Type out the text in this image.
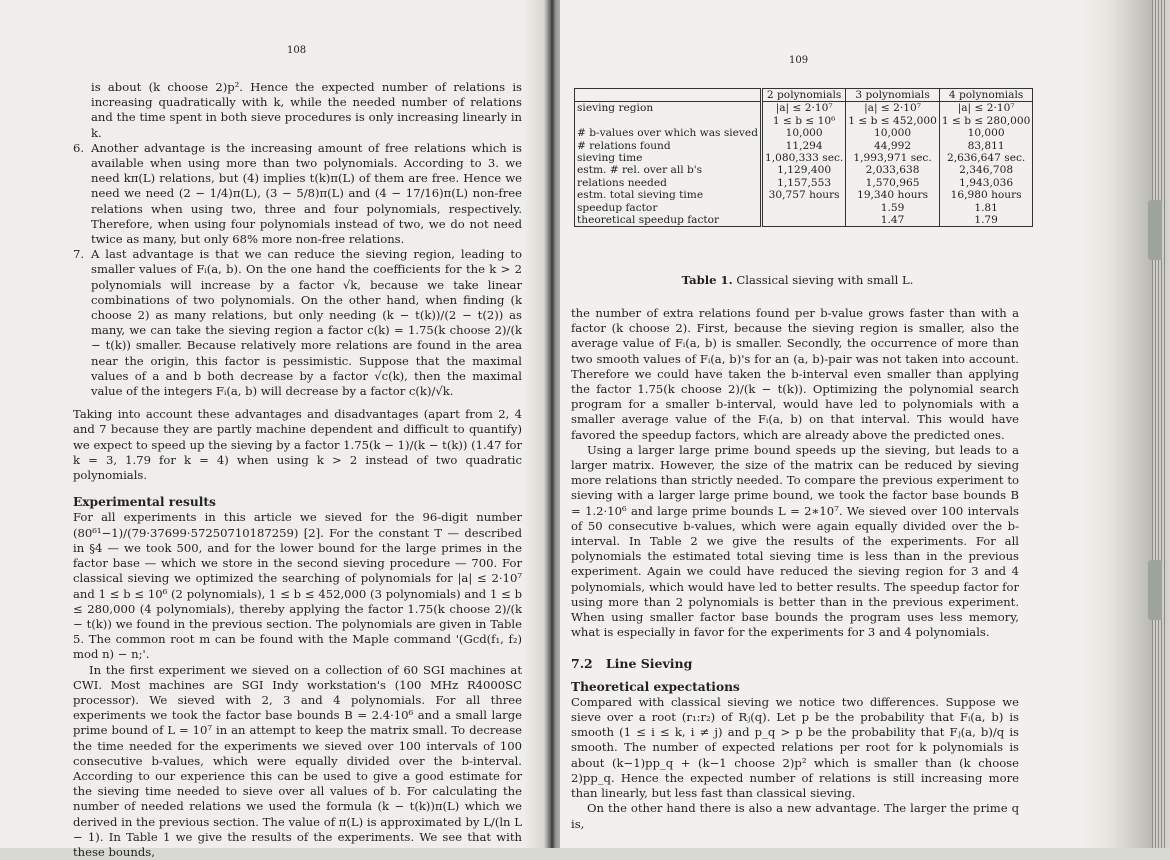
108
is about (k choose 2)p². Hence the expected number of relations is increasing quadratically with k, while the needed number of relations and the time spent in both sieve procedures is only increasing linearly in k.
6. Another advantage is the increasing amount of free relations which is available when using more than two polynomials. According to 3. we need kπ(L) relations, but (4) implies t(k)π(L) of them are free. Hence we need we need (2 − 1/4)π(L), (3 − 5/8)π(L) and (4 − 17/16)π(L) non-free relations when using two, three and four polynomials, respectively. Therefore, when using four polynomials instead of two, we do not need twice as many, but only 68% more non-free relations.
7. A last advantage is that we can reduce the sieving region, leading to smaller values of Fᵢ(a, b). On the one hand the coefficients for the k > 2 polynomials will increase by a factor √k, because we take linear combinations of two polynomials. On the other hand, when finding (k choose 2) as many relations, but only needing (k − t(k))/(2 − t(2)) as many, we can take the sieving region a factor c(k) = 1.75(k choose 2)/(k − t(k)) smaller. Because relatively more relations are found in the area near the origin, this factor is pessimistic. Suppose that the maximal values of a and b both decrease by a factor √c(k), then the maximal value of the integers Fᵢ(a, b) will decrease by a factor c(k)/√k.

Taking into account these advantages and disadvantages (apart from 2, 4 and 7 because they are partly machine dependent and difficult to quantify) we expect to speed up the sieving by a factor 1.75(k − 1)/(k − t(k)) (1.47 for k = 3, 1.79 for k = 4) when using k > 2 instead of two quadratic polynomials.

Experimental results

For all experiments in this article we sieved for the 96-digit number (80⁶¹−1)/(79·37699·57250710187259) [2]. For the constant T — described in §4 — we took 500, and for the lower bound for the large primes in the factor base — which we store in the second sieving procedure — 700. For classical sieving we optimized the searching of polynomials for |a| ≤ 2·10⁷ and 1 ≤ b ≤ 10⁶ (2 polynomials), 1 ≤ b ≤ 452,000 (3 polynomials) and 1 ≤ b ≤ 280,000 (4 polynomials), thereby applying the factor 1.75(k choose 2)/(k − t(k)) we found in the previous section. The polynomials are given in Table 5. The common root m can be found with the Maple command '(Gcd(f₁, f₂) mod n) − n;'.

In the first experiment we sieved on a collection of 60 SGI machines at CWI. Most machines are SGI Indy workstation's (100 MHz R4000SC processor). We sieved with 2, 3 and 4 polynomials. For all three experiments we took the factor base bounds B = 2.4·10⁶ and a small large prime bound of L = 10⁷ in an attempt to keep the matrix small. To decrease the time needed for the experiments we sieved over 100 intervals of 100 consecutive b-values, which were equally divided over the b-interval. According to our experience this can be used to give a good estimate for the sieving time needed to sieve over all values of b. For calculating the number of needed relations we used the formula (k − t(k))π(L) which we derived in the previous section. The value of π(L) is approximated by L/(ln L − 1). In Table 1 we give the results of the experiments. We see that with these bounds,

109
	2 polynomials	3 polynomials	4 polynomials
sieving region	|a| ≤ 2·10⁷	|a| ≤ 2·10⁷	|a| ≤ 2·10⁷
	1 ≤ b ≤ 10⁶	1 ≤ b ≤ 452,000	1 ≤ b ≤ 280,000
# b-values over which was sieved	10,000	10,000	10,000
# relations found	11,294	44,992	83,811
sieving time	1,080,333 sec.	1,993,971 sec.	2,636,647 sec.
estm. # rel. over all b's	1,129,400	2,033,638	2,346,708
relations needed	1,157,553	1,570,965	1,943,036
estm. total sieving time	30,757 hours	19,340 hours	16,980 hours
speedup factor		1.59	1.81
theoretical speedup factor		1.47	1.79
Table 1. Classical sieving with small L.

the number of extra relations found per b-value grows faster than with a factor (k choose 2). First, because the sieving region is smaller, also the average value of Fᵢ(a, b) is smaller. Secondly, the occurrence of more than two smooth values of Fᵢ(a, b)'s for an (a, b)-pair was not taken into account. Therefore we could have taken the b-interval even smaller than applying the factor 1.75(k choose 2)/(k − t(k)). Optimizing the polynomial search program for a smaller b-interval, would have led to polynomials with a smaller average value of the Fᵢ(a, b) on that interval. This would have favored the speedup factors, which are already above the predicted ones.

Using a larger large prime bound speeds up the sieving, but leads to a larger matrix. However, the size of the matrix can be reduced by sieving more relations than strictly needed. To compare the previous experiment to sieving with a larger large prime bound, we took the factor base bounds B = 1.2·10⁶ and large prime bounds L = 2∗10⁷. We sieved over 100 intervals of 50 consecutive b-values, which were again equally divided over the b-interval. In Table 2 we give the results of the experiments. For all polynomials the estimated total sieving time is less than in the previous experiment. Again we could have reduced the sieving region for 3 and 4 polynomials, which would have led to better results. The speedup factor for using more than 2 polynomials is better than in the previous experiment. When using smaller factor base bounds the program uses less memory, what is especially in favor for the experiments for 3 and 4 polynomials.

7.2 Line Sieving
Theoretical expectations

Compared with classical sieving we notice two differences. Suppose we sieve over a root (r₁:r₂) of Rⱼ(q). Let p be the probability that Fᵢ(a, b) is smooth (1 ≤ i ≤ k, i ≠ j) and p_q > p be the probability that Fⱼ(a, b)/q is smooth. The number of expected relations per root for k polynomials is about (k−1)pp_q + (k−1 choose 2)p² which is smaller than (k choose 2)pp_q. Hence the expected number of relations is still increasing more than linearly, but less fast than classical sieving.

On the other hand there is also a new advantage. The larger the prime q is,
